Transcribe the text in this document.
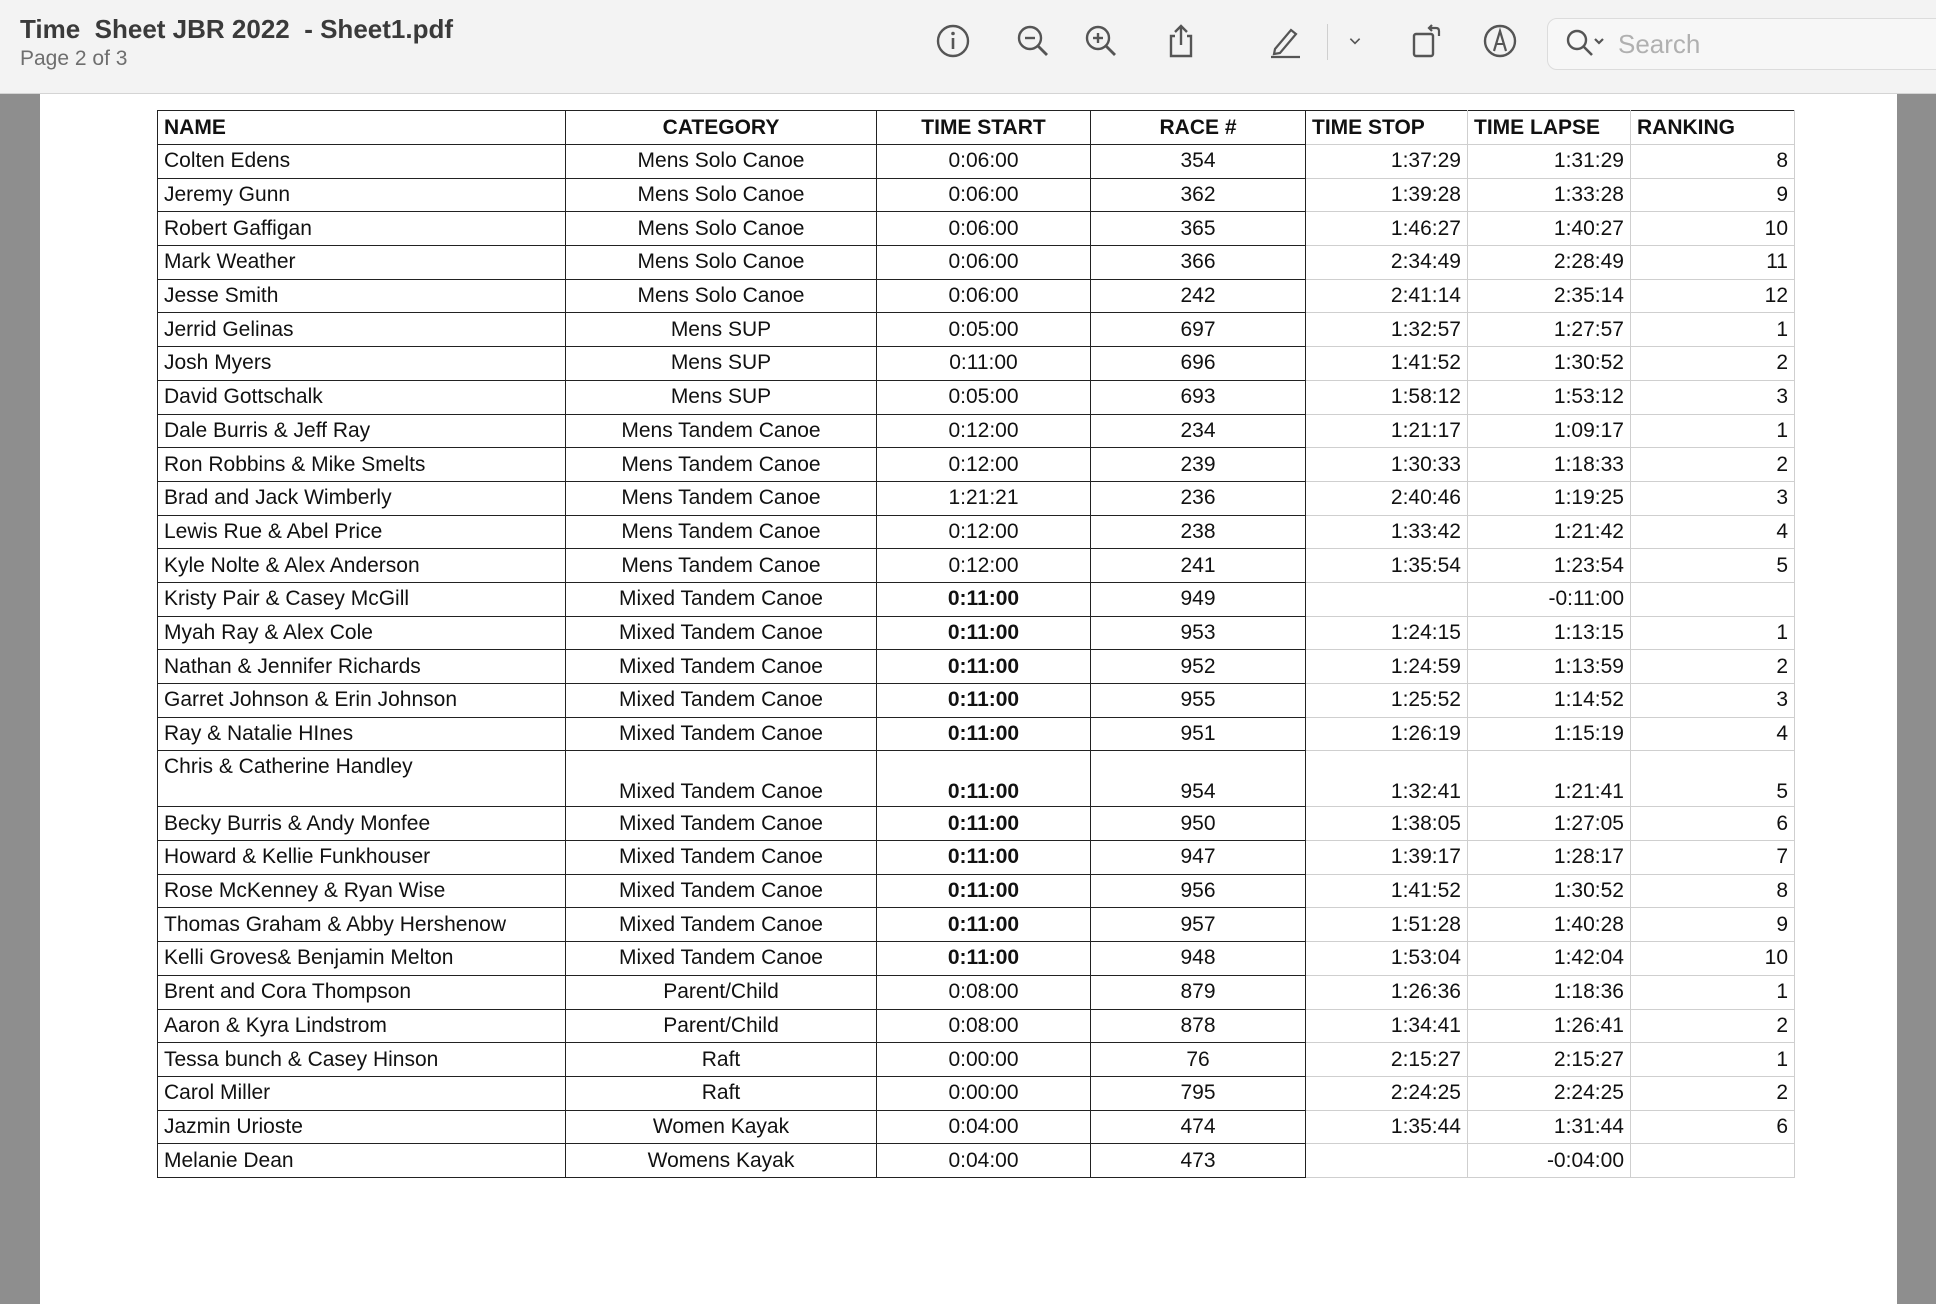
Time  Sheet JBR 2022  - Sheet1.pdf
Page 2 of 3
Search
NAME	CATEGORY	TIME START	RACE #	TIME STOP	TIME LAPSE	RANKING
Colten Edens	Mens Solo Canoe	0:06:00	354	1:37:29	1:31:29	8
Jeremy Gunn	Mens Solo Canoe	0:06:00	362	1:39:28	1:33:28	9
Robert Gaffigan	Mens Solo Canoe	0:06:00	365	1:46:27	1:40:27	10
Mark Weather	Mens Solo Canoe	0:06:00	366	2:34:49	2:28:49	11
Jesse Smith	Mens Solo Canoe	0:06:00	242	2:41:14	2:35:14	12
Jerrid Gelinas	Mens SUP	0:05:00	697	1:32:57	1:27:57	1
Josh Myers	Mens SUP	0:11:00	696	1:41:52	1:30:52	2
David Gottschalk	Mens SUP	0:05:00	693	1:58:12	1:53:12	3
Dale Burris & Jeff Ray	Mens Tandem Canoe	0:12:00	234	1:21:17	1:09:17	1
Ron Robbins & Mike Smelts	Mens Tandem Canoe	0:12:00	239	1:30:33	1:18:33	2
Brad and Jack Wimberly	Mens Tandem Canoe	1:21:21	236	2:40:46	1:19:25	3
Lewis Rue & Abel Price	Mens Tandem Canoe	0:12:00	238	1:33:42	1:21:42	4
Kyle Nolte & Alex Anderson	Mens Tandem Canoe	0:12:00	241	1:35:54	1:23:54	5
Kristy Pair & Casey McGill	Mixed Tandem Canoe	0:11:00	949		-0:11:00	
Myah Ray & Alex Cole	Mixed Tandem Canoe	0:11:00	953	1:24:15	1:13:15	1
Nathan & Jennifer Richards	Mixed Tandem Canoe	0:11:00	952	1:24:59	1:13:59	2
Garret Johnson & Erin Johnson	Mixed Tandem Canoe	0:11:00	955	1:25:52	1:14:52	3
Ray & Natalie HInes	Mixed Tandem Canoe	0:11:00	951	1:26:19	1:15:19	4
Chris & Catherine Handley	Mixed Tandem Canoe	0:11:00	954	1:32:41	1:21:41	5
Becky Burris & Andy Monfee	Mixed Tandem Canoe	0:11:00	950	1:38:05	1:27:05	6
Howard & Kellie Funkhouser	Mixed Tandem Canoe	0:11:00	947	1:39:17	1:28:17	7
Rose McKenney & Ryan Wise	Mixed Tandem Canoe	0:11:00	956	1:41:52	1:30:52	8
Thomas Graham & Abby Hershenow	Mixed Tandem Canoe	0:11:00	957	1:51:28	1:40:28	9
Kelli Groves& Benjamin Melton	Mixed Tandem Canoe	0:11:00	948	1:53:04	1:42:04	10
Brent and Cora Thompson	Parent/Child	0:08:00	879	1:26:36	1:18:36	1
Aaron & Kyra Lindstrom	Parent/Child	0:08:00	878	1:34:41	1:26:41	2
Tessa bunch & Casey Hinson	Raft	0:00:00	76	2:15:27	2:15:27	1
Carol Miller	Raft	0:00:00	795	2:24:25	2:24:25	2
Jazmin Urioste	Women Kayak	0:04:00	474	1:35:44	1:31:44	6
Melanie Dean	Womens Kayak	0:04:00	473		-0:04:00	
